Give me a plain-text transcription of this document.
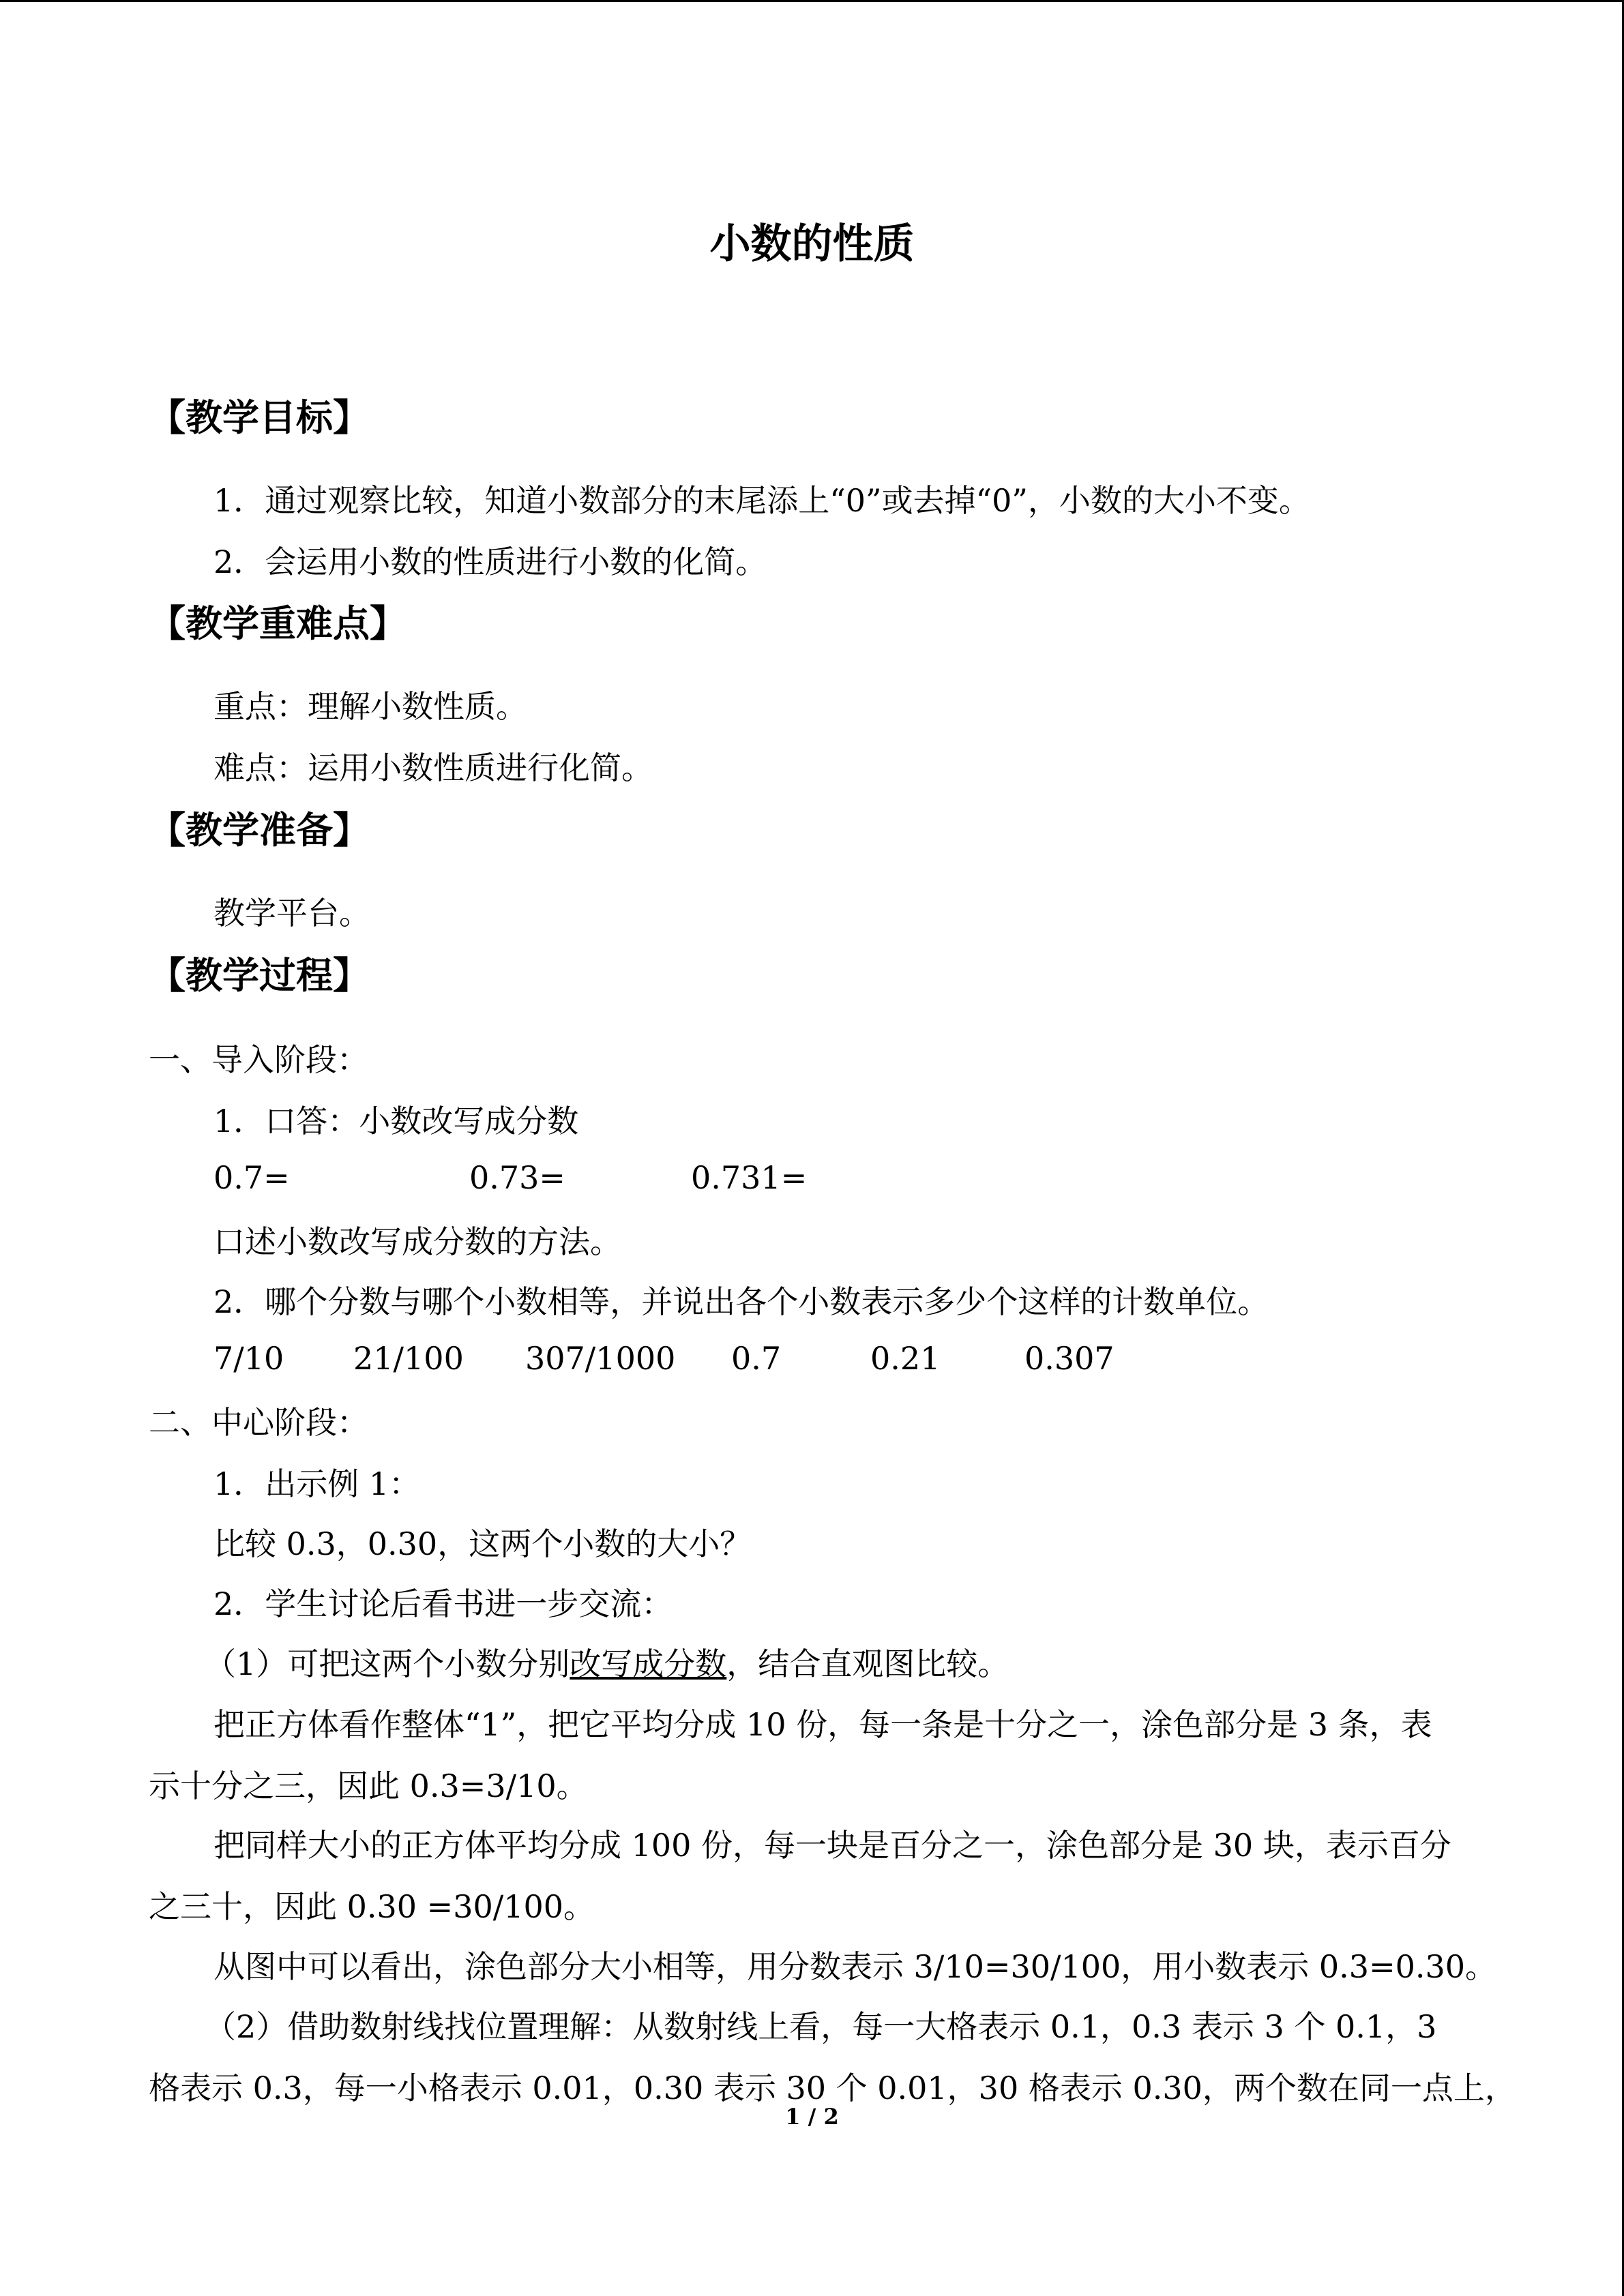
小数的性质
【教学目标】
1．通过观察比较，知道小数部分的末尾添上“0”或去掉“0”，小数的大小不变。
2．会运用小数的性质进行小数的化简。
【教学重难点】
重点：理解小数性质。
难点：运用小数性质进行化简。
【教学准备】
教学平台。
【教学过程】
一、导入阶段：
1．口答：小数改写成分数
0.7=	0.73=	0.731=
口述小数改写成分数的方法。
2．哪个分数与哪个小数相等，并说出各个小数表示多少个这样的计数单位。
7/10 21/100 307/1000 0.7	0.21	0.307
二、中心阶段：
1．出示例 1：
比较 0.3，0.30，这两个小数的大小？
2．学生讨论后看书进一步交流：
（1）可把这两个小数分别改写成分数，结合直观图比较。
把正方体看作整体“1”，把它平均分成 10 份，每一条是十分之一，涂色部分是 3 条，表
示十分之三，因此 0.3=3/10。
把同样大小的正方体平均分成 100 份，每一块是百分之一，涂色部分是 30 块，表示百分
之三十，因此 0.30 =30/100。
从图中可以看出，涂色部分大小相等，用分数表示 3/10=30/100，用小数表示 0.3=0.30。
（2）借助数射线找位置理解：从数射线上看，每一大格表示 0.1，0.3 表示 3 个 0.1，3
格表示 0.3，每一小格表示 0.01，0.30 表示 30 个 0.01，30 格表示 0.30，两个数在同一点上，
1 / 2
